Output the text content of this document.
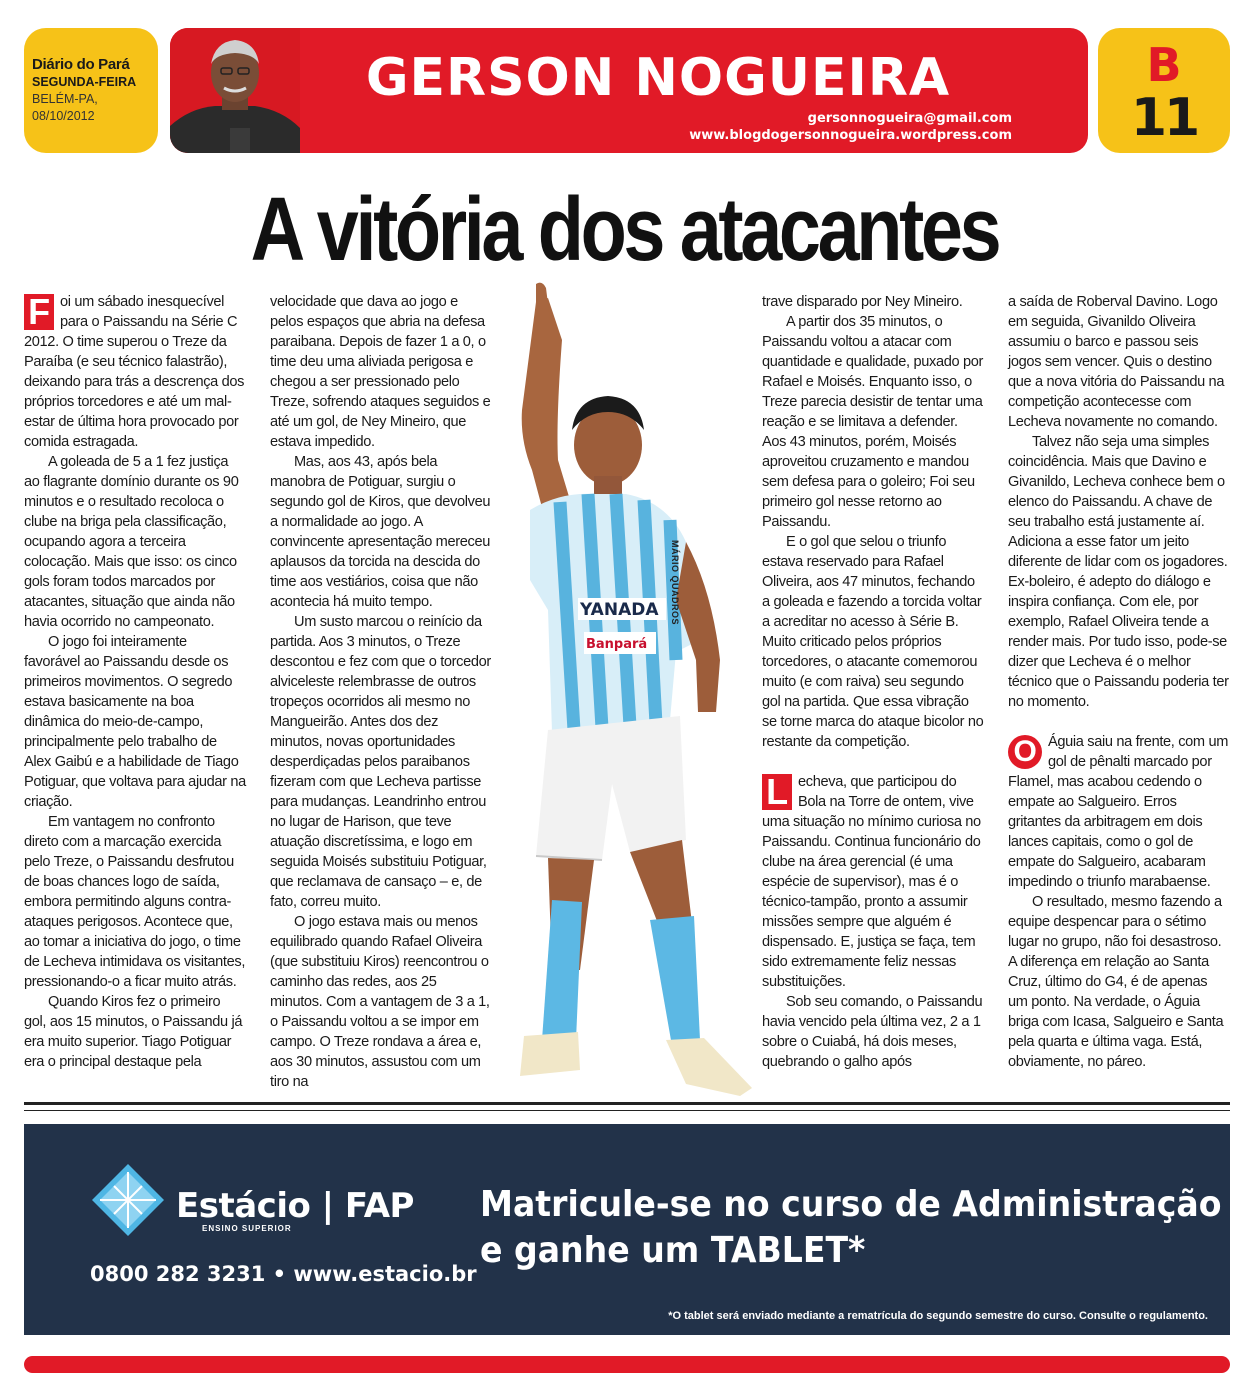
Diário do Pará
SEGUNDA-FEIRA
BELÉM-PA,
08/10/2012
GERSON NOGUEIRA
gersonnogueira@gmail.com
www.blogdogersonnogueira.wordpress.com
B
11
A vitória dos atacantes

F oi um sábado inesquecível para o Paissandu na Série C 2012. O time superou o Treze da Paraíba (e seu técnico falastrão), deixando para trás a descrença dos próprios torcedores e até um mal-estar de última hora provocado por comida estragada.

A goleada de 5 a 1 fez justiça ao flagrante domínio durante os 90 minutos e o resultado recoloca o clube na briga pela classificação, ocupando agora a terceira colocação. Mais que isso: os cinco gols foram todos marcados por atacantes, situação que ainda não havia ocorrido no campeonato.

O jogo foi inteiramente favorável ao Paissandu desde os primeiros movimentos. O segredo estava basicamente na boa dinâmica do meio-de-campo, principalmente pelo trabalho de Alex Gaibú e a habilidade de Tiago Potiguar, que voltava para ajudar na criação.

Em vantagem no confronto direto com a marcação exercida pelo Treze, o Paissandu desfrutou de boas chances logo de saída, embora permitindo alguns contra-ataques perigosos. Acontece que, ao tomar a iniciativa do jogo, o time de Lecheva intimidava os visitantes, pressionando-o a ficar muito atrás.

Quando Kiros fez o primeiro gol, aos 15 minutos, o Paissandu já era muito superior. Tiago Potiguar era o principal destaque pela

velocidade que dava ao jogo e pelos espaços que abria na defesa paraibana. Depois de fazer 1 a 0, o time deu uma aliviada perigosa e chegou a ser pressionado pelo Treze, sofrendo ataques seguidos e até um gol, de Ney Mineiro, que estava impedido.

Mas, aos 43, após bela manobra de Potiguar, surgiu o segundo gol de Kiros, que devolveu a normalidade ao jogo. A convincente apresentação mereceu aplausos da torcida na descida do time aos vestiários, coisa que não acontecia há muito tempo.

Um susto marcou o reinício da partida. Aos 3 minutos, o Treze descontou e fez com que o torcedor alviceleste relembrasse de outros tropeços ocorridos ali mesmo no Mangueirão. Antes dos dez minutos, novas oportunidades desperdiçadas pelos paraibanos fizeram com que Lecheva partisse para mudanças. Leandrinho entrou no lugar de Harison, que teve atuação discretíssima, e logo em seguida Moisés substituiu Potiguar, que reclamava de cansaço – e, de fato, correu muito.

O jogo estava mais ou menos equilibrado quando Rafael Oliveira (que substituiu Kiros) reencontrou o caminho das redes, aos 25 minutos. Com a vantagem de 3 a 1, o Paissandu voltou a se impor em campo. O Treze rondava a área e, aos 30 minutos, assustou com um tiro na

YANADA
Banpará
MÁRIO QUADROS

trave disparado por Ney Mineiro.

A partir dos 35 minutos, o Paissandu voltou a atacar com quantidade e qualidade, puxado por Rafael e Moisés. Enquanto isso, o Treze parecia desistir de tentar uma reação e se limitava a defender. Aos 43 minutos, porém, Moisés aproveitou cruzamento e mandou sem defesa para o goleiro; Foi seu primeiro gol nesse retorno ao Paissandu.

E o gol que selou o triunfo estava reservado para Rafael Oliveira, aos 47 minutos, fechando a goleada e fazendo a torcida voltar a acreditar no acesso à Série B. Muito criticado pelos próprios torcedores, o atacante comemorou muito (e com raiva) seu segundo gol na partida. Que essa vibração se torne marca do ataque bicolor no restante da competição.

L echeva, que participou do Bola na Torre de ontem, vive uma situação no mínimo curiosa no Paissandu. Continua funcionário do clube na área gerencial (é uma espécie de supervisor), mas é o técnico-tampão, pronto a assumir missões sempre que alguém é dispensado. E, justiça se faça, tem sido extremamente feliz nessas substituições.

Sob seu comando, o Paissandu havia vencido pela última vez, 2 a 1 sobre o Cuiabá, há dois meses, quebrando o galho após

a saída de Roberval Davino. Logo em seguida, Givanildo Oliveira assumiu o barco e passou seis jogos sem vencer. Quis o destino que a nova vitória do Paissandu na competição acontecesse com Lecheva novamente no comando.

Talvez não seja uma simples coincidência. Mais que Davino e Givanildo, Lecheva conhece bem o elenco do Paissandu. A chave de seu trabalho está justamente aí. Adiciona a esse fator um jeito diferente de lidar com os jogadores. Ex-boleiro, é adepto do diálogo e inspira confiança. Com ele, por exemplo, Rafael Oliveira tende a render mais. Por tudo isso, pode-se dizer que Lecheva é o melhor técnico que o Paissandu poderia ter no momento.

O Águia saiu na frente, com um gol de pênalti marcado por Flamel, mas acabou cedendo o empate ao Salgueiro. Erros gritantes da arbitragem em dois lances capitais, como o gol de empate do Salgueiro, acabaram impedindo o triunfo marabaense.

O resultado, mesmo fazendo a equipe despencar para o sétimo lugar no grupo, não foi desastroso. A diferença em relação ao Santa Cruz, último do G4, é de apenas um ponto. Na verdade, o Águia briga com Icasa, Salgueiro e Santa pela quarta e última vaga. Está, obviamente, no páreo.

Estácio | FAP
ENSINO SUPERIOR
0800 282 3231 • www.estacio.br
Matricule-se no curso de Administração
e ganhe um TABLET*
*O tablet será enviado mediante a rematrícula do segundo semestre do curso. Consulte o regulamento.
